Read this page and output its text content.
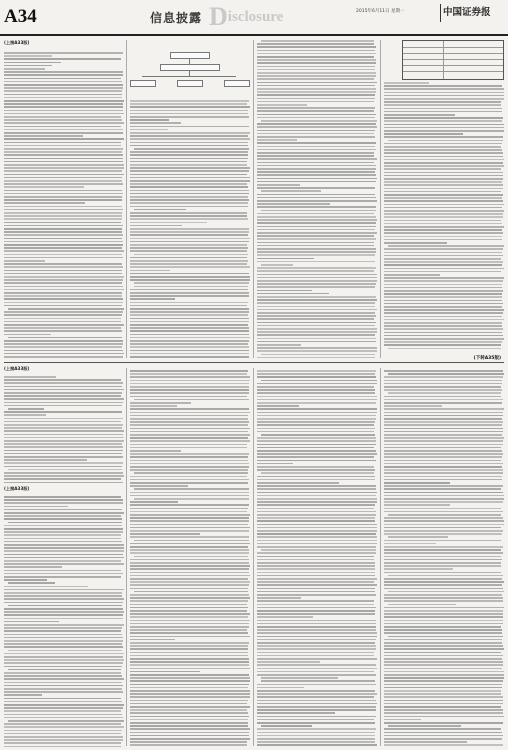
A34	信息披露 Disclosure	2015年6月11日 星期一	中国证券报
(上接A33版)
(上接A33版)
(上接A33版)
(下转A35版)
